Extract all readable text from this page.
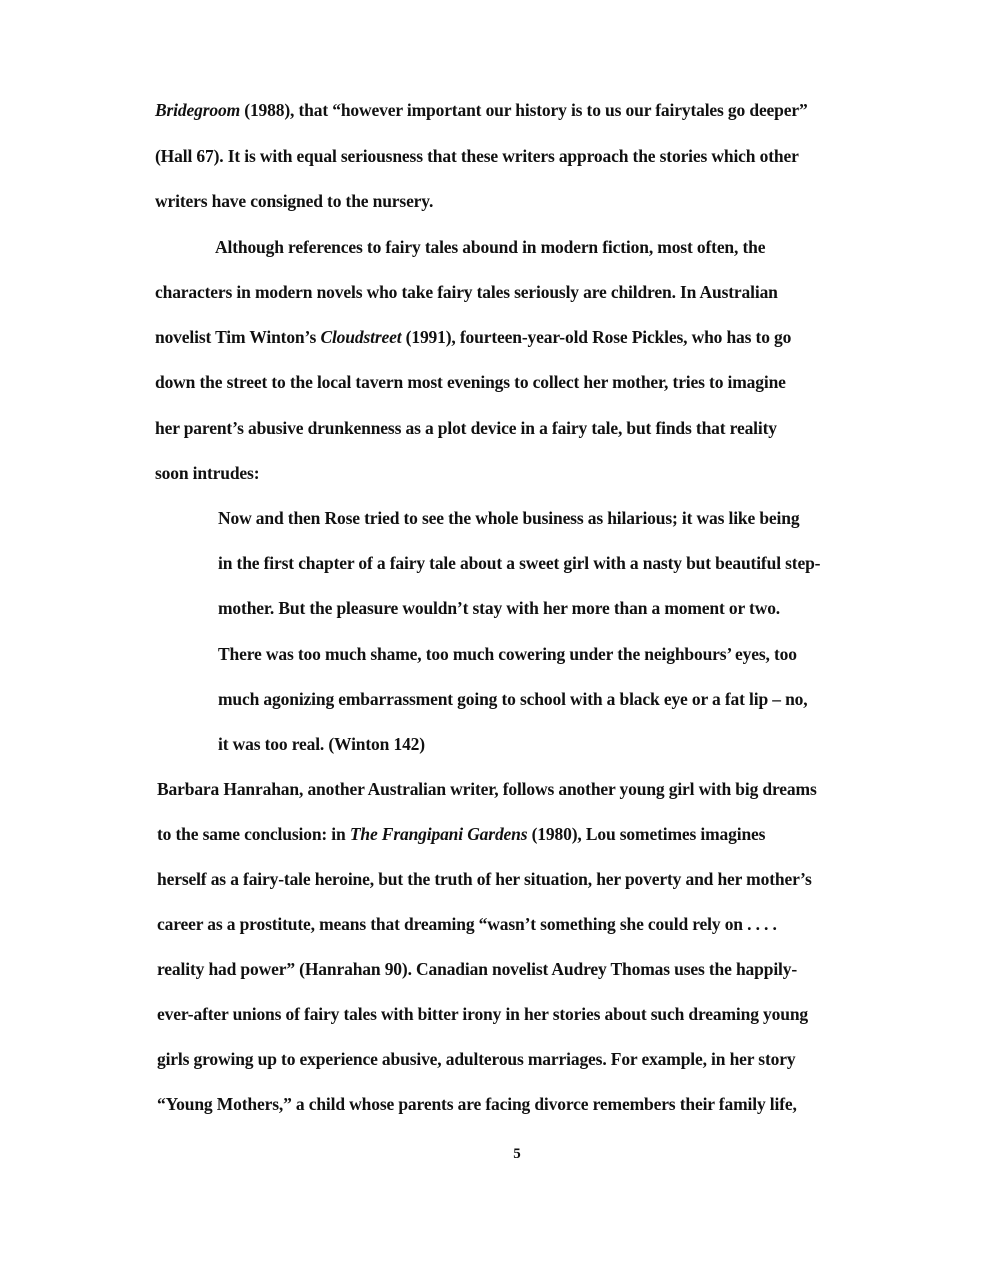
Bridegroom (1988), that “however important our history is to us our fairytales go deeper”
(Hall 67). It is with equal seriousness that these writers approach the stories which other
writers have consigned to the nursery.
Although references to fairy tales abound in modern fiction, most often, the
characters in modern novels who take fairy tales seriously are children. In Australian
novelist Tim Winton’s Cloudstreet (1991), fourteen-year-old Rose Pickles, who has to go
down the street to the local tavern most evenings to collect her mother, tries to imagine
her parent’s abusive drunkenness as a plot device in a fairy tale, but finds that reality
soon intrudes:
Now and then Rose tried to see the whole business as hilarious; it was like being
in the first chapter of a fairy tale about a sweet girl with a nasty but beautiful step-
mother. But the pleasure wouldn’t stay with her more than a moment or two.
There was too much shame, too much cowering under the neighbours’ eyes, too
much agonizing embarrassment going to school with a black eye or a fat lip – no,
it was too real. (Winton 142)
Barbara Hanrahan, another Australian writer, follows another young girl with big dreams
to the same conclusion: in The Frangipani Gardens (1980), Lou sometimes imagines
herself as a fairy-tale heroine, but the truth of her situation, her poverty and her mother’s
career as a prostitute, means that dreaming “wasn’t something she could rely on . . . .
reality had power” (Hanrahan 90). Canadian novelist Audrey Thomas uses the happily-
ever-after unions of fairy tales with bitter irony in her stories about such dreaming young
girls growing up to experience abusive, adulterous marriages. For example, in her story
“Young Mothers,” a child whose parents are facing divorce remembers their family life,
5
